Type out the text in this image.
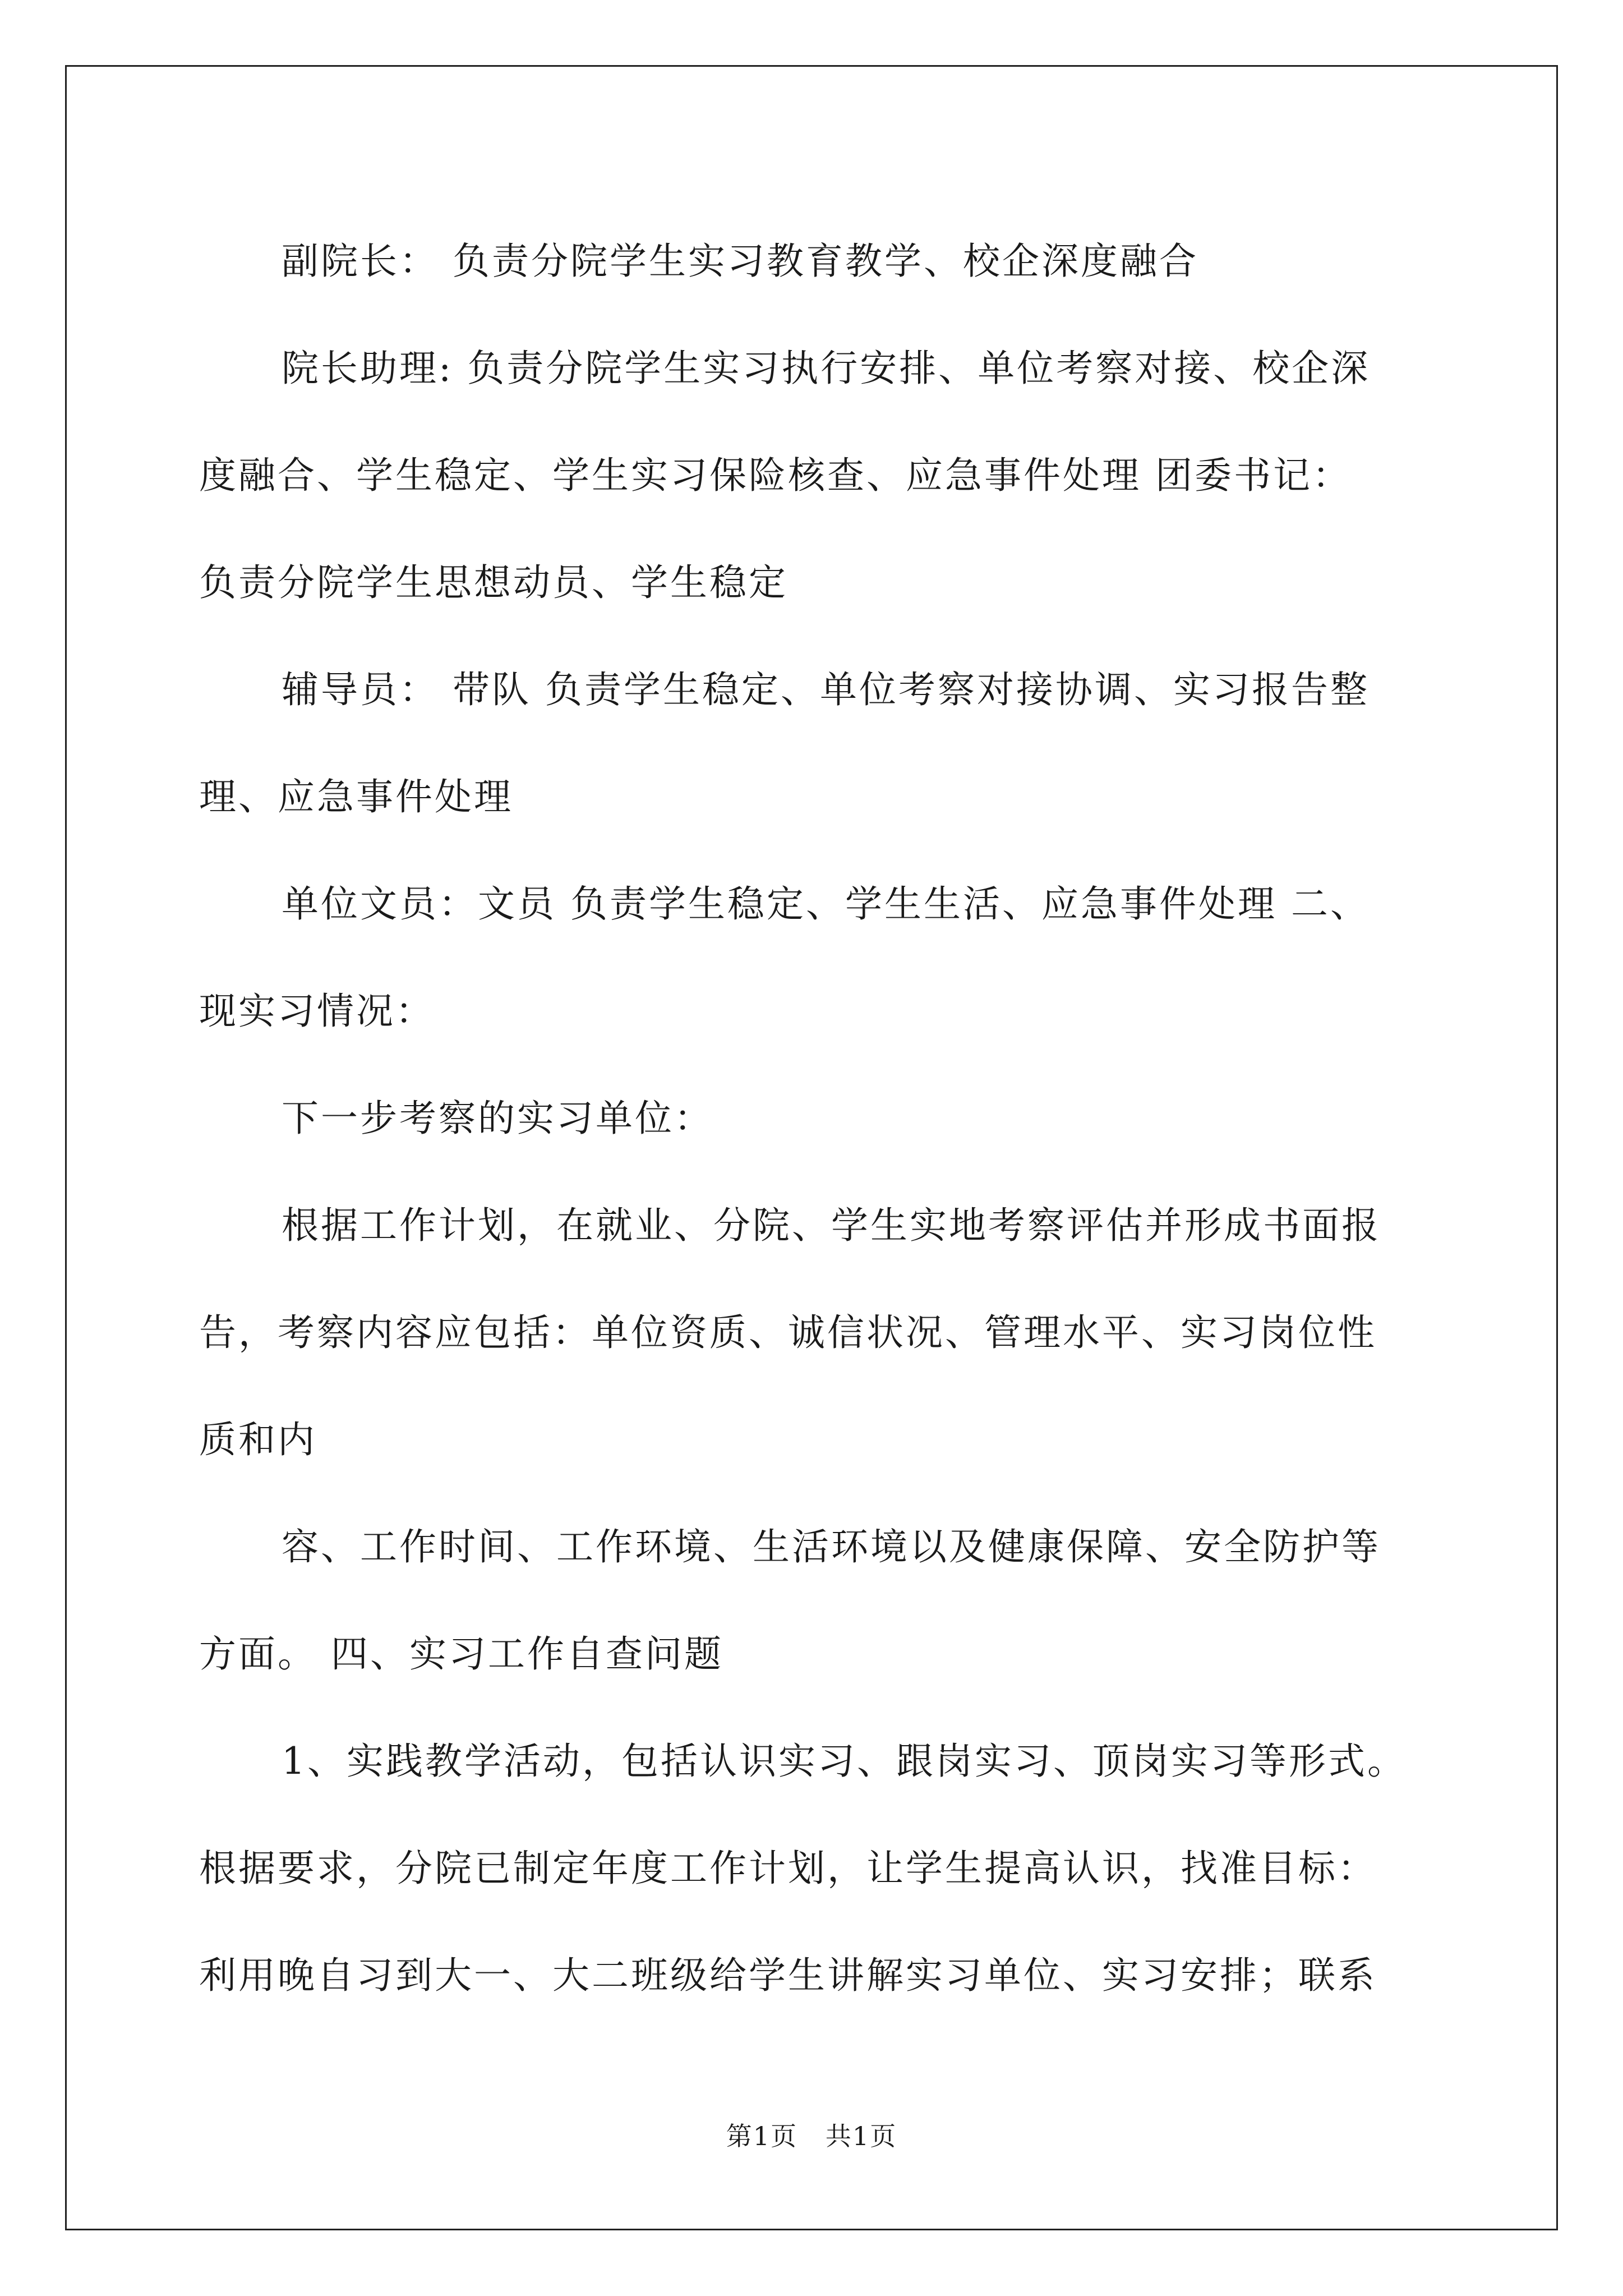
副院长： 负责分院学生实习教育教学、校企深度融合
院长助理: 负责分院学生实习执行安排、单位考察对接、校企深
度融合、学生稳定、学生实习保险核查、应急事件处理 团委书记：
负责分院学生思想动员、学生稳定
辅导员： 带队 负责学生稳定、单位考察对接协调、实习报告整
理、应急事件处理
单位文员：文员 负责学生稳定、学生生活、应急事件处理 二、
现实习情况：
下一步考察的实习单位：
根据工作计划，在就业、分院、学生实地考察评估并形成书面报
告，考察内容应包括：单位资质、诚信状况、管理水平、实习岗位性
质和内
容、工作时间、工作环境、生活环境以及健康保障、安全防护等
方面。 四、实习工作自查问题
1、实践教学活动，包括认识实习、跟岗实习、顶岗实习等形式。
根据要求，分院已制定年度工作计划，让学生提高认识，找准目标：
利用晚自习到大一、大二班级给学生讲解实习单位、实习安排；联系
第1页   共1页
